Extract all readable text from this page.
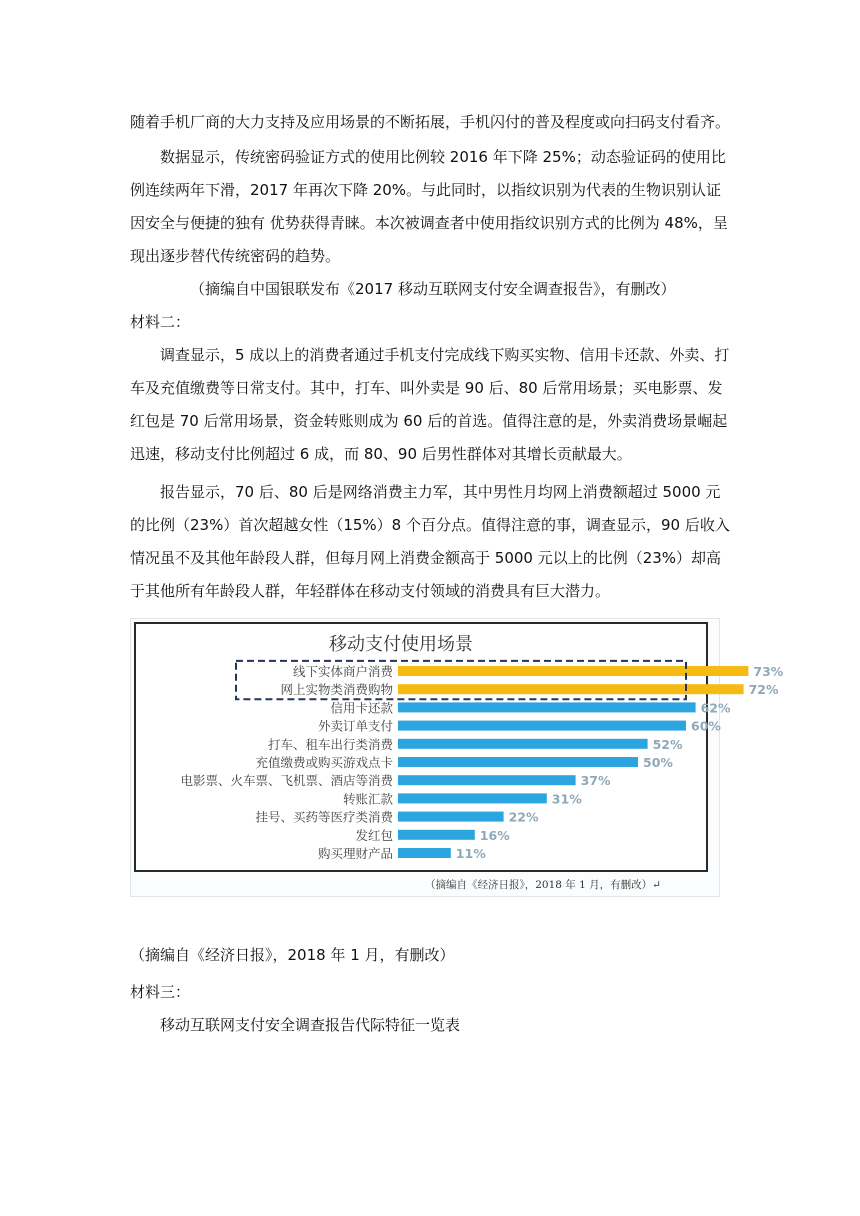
随着手机厂商的大力支持及应用场景的不断拓展，手机闪付的普及程度或向扫码支付看齐。

数据显示，传统密码验证方式的使用比例较 2016 年下降 25%；动态验证码的使用比例连续两年下滑，2017 年再次下降 20%。与此同时，以指纹识别为代表的生物识别认证因安全与便捷的独有 优势获得青睐。本次被调查者中使用指纹识别方式的比例为 48%，呈现出逐步替代传统密码的趋势。

（摘编自中国银联发布《2017 移动互联网支付安全调查报告》，有删改）

材料二：

调查显示，5 成以上的消费者通过手机支付完成线下购买实物、信用卡还款、外卖、打车及充值缴费等日常支付。其中，打车、叫外卖是 90 后、80 后常用场景；买电影票、发红包是 70 后常用场景，资金转账则成为 60 后的首选。值得注意的是，外卖消费场景崛起迅速，移动支付比例超过 6 成，而 80、90 后男性群体对其增长贡献最大。

报告显示，70 后、80 后是网络消费主力军，其中男性月均网上消费额超过 5000 元的比例（23%）首次超越女性（15%）8 个百分点。值得注意的事，调查显示，90 后收入情况虽不及其他年龄段人群，但每月网上消费金额高于 5000 元以上的比例（23%）却高于其他所有年龄段人群，年轻群体在移动支付领域的消费具有巨大潜力。

移动支付使用场景
线下实体商户消费	73%
网上实物类消费购物	72%
信用卡还款	62%
外卖订单支付	60%
打车、租车出行类消费	52%
充值缴费或购买游戏点卡	50%
电影票、火车票、飞机票、酒店等消费	37%
转账汇款	31%
挂号、买药等医疗类消费	22%
发红包	16%
购买理财产品	11%
（摘编自《经济日报》，2018 年 1 月，有删改）↵

（摘编自《经济日报》，2018 年 1 月，有删改）

材料三：

移动互联网支付安全调查报告代际特征一览表
